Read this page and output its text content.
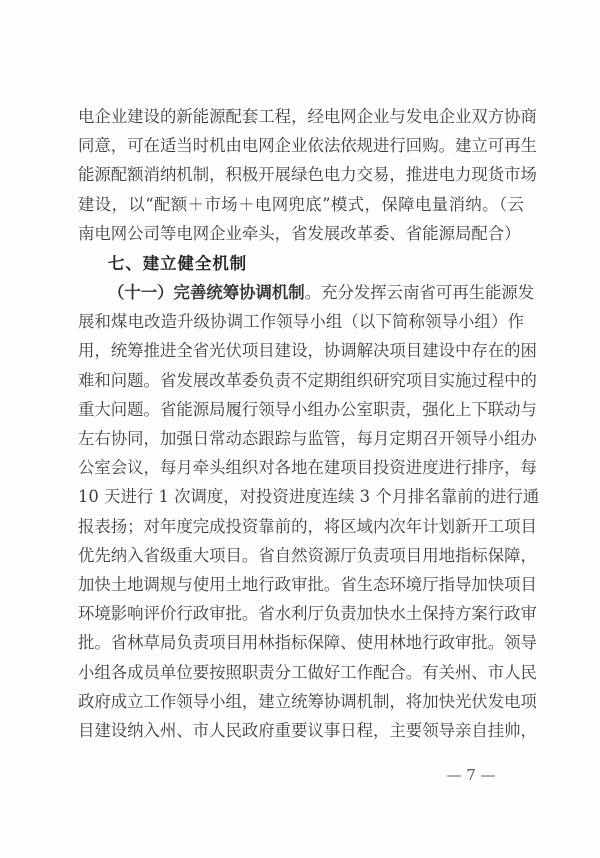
电企业建设的新能源配套工程，经电网企业与发电企业双方协商
同意，可在适当时机由电网企业依法依规进行回购。建立可再生
能源配额消纳机制，积极开展绿色电力交易，推进电力现货市场
建设，以“配额＋市场＋电网兜底”模式，保障电量消纳。（云
南电网公司等电网企业牵头，省发展改革委、省能源局配合）
七、建立健全机制
（十一）完善统筹协调机制。充分发挥云南省可再生能源发
展和煤电改造升级协调工作领导小组（以下简称领导小组）作
用，统筹推进全省光伏项目建设，协调解决项目建设中存在的困
难和问题。省发展改革委负责不定期组织研究项目实施过程中的
重大问题。省能源局履行领导小组办公室职责，强化上下联动与
左右协同，加强日常动态跟踪与监管，每月定期召开领导小组办
公室会议，每月牵头组织对各地在建项目投资进度进行排序，每
10 天进行 1 次调度，对投资进度连续 3 个月排名靠前的进行通
报表扬；对年度完成投资靠前的，将区域内次年计划新开工项目
优先纳入省级重大项目。省自然资源厅负责项目用地指标保障，
加快土地调规与使用土地行政审批。省生态环境厅指导加快项目
环境影响评价行政审批。省水利厅负责加快水土保持方案行政审
批。省林草局负责项目用林指标保障、使用林地行政审批。领导
小组各成员单位要按照职责分工做好工作配合。有关州、市人民
政府成立工作领导小组，建立统筹协调机制，将加快光伏发电项
目建设纳入州、市人民政府重要议事日程，主要领导亲自挂帅，
— 7 —
